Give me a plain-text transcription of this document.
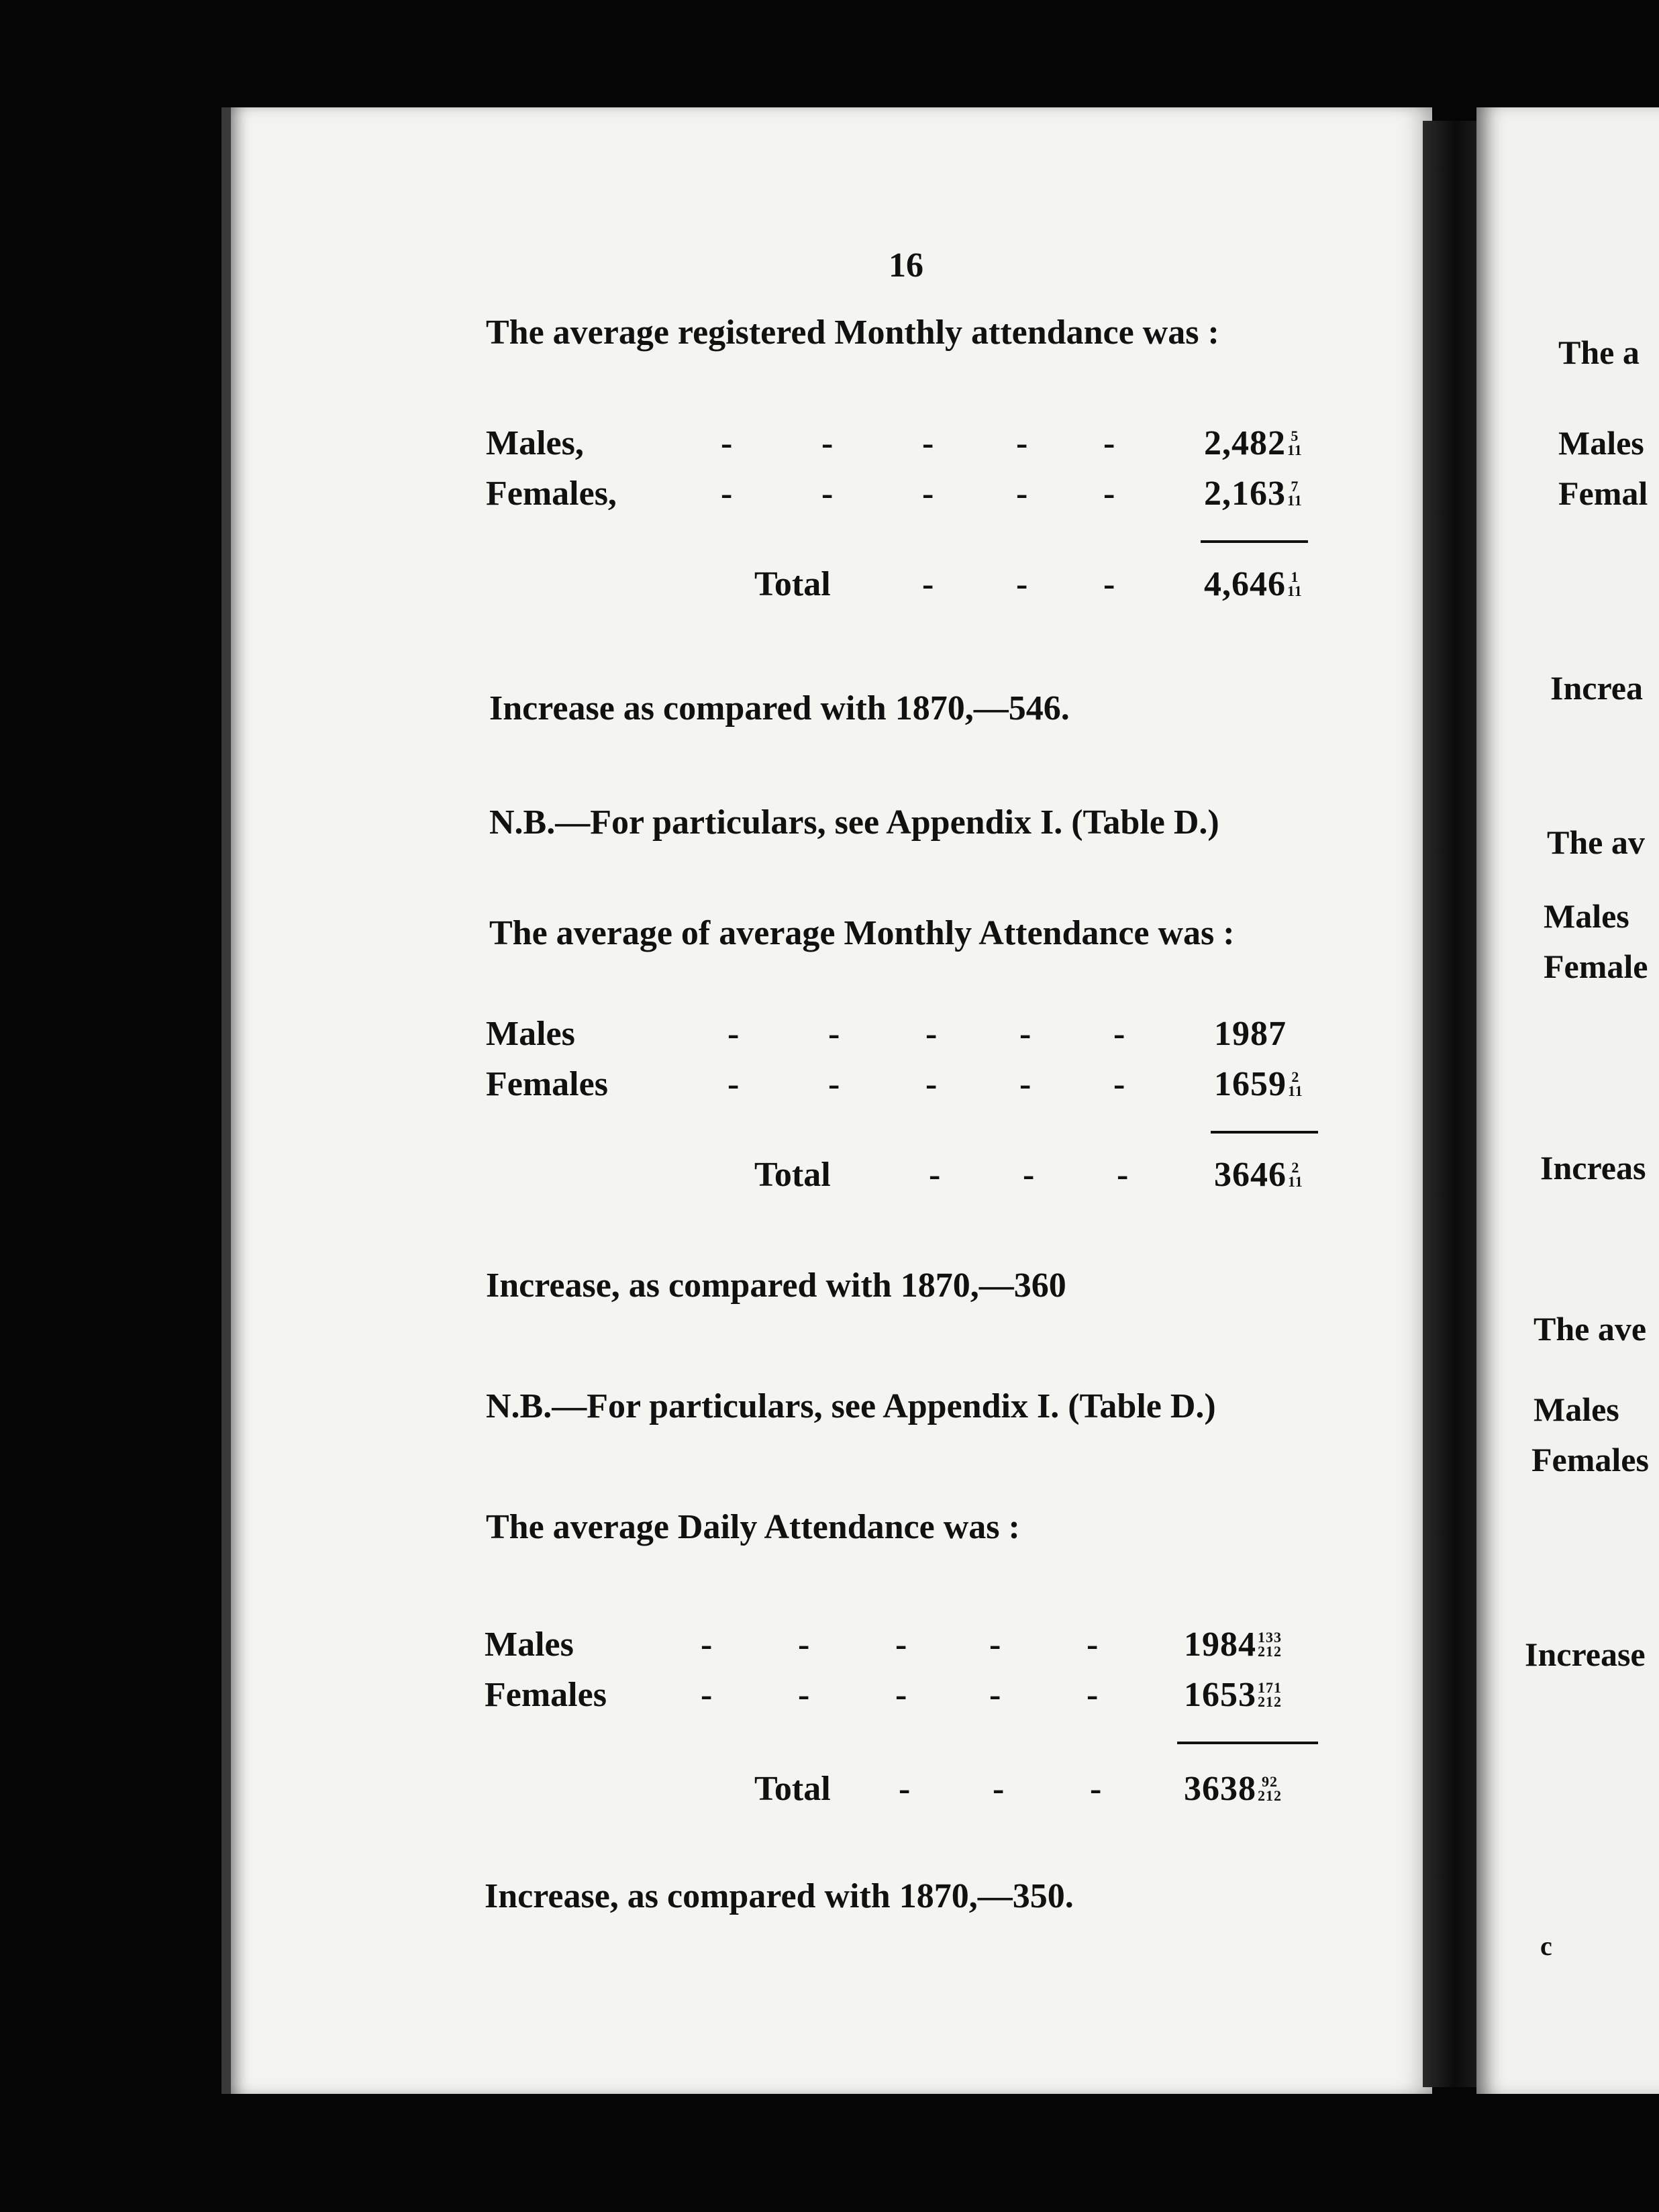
16
The average registered Monthly attendance was :
Males,	-	-	- - -	2,482 5
11
Females,	-	-	- - -	2,163 7
11
Total	- - -	4,646 1
11
Increase as compared with 1870,—546.
N.B.—For particulars, see Appendix I. (Table D.)
The average of average Monthly Attendance was :
Males	-	- - - -	1987
Females	-	- - - -	1659 2
11
Total	- - - 3646 2
11
Increase, as compared with 1870,—360
N.B.—For particulars, see Appendix I. (Table D.)
The average Daily Attendance was :
Males	- - - - - 1984 133
212
Females	- - - - - 1653 171
212
Total - - - 3638 92
212
Increase, as compared with 1870,—350.
The a
Males
Femal
Increa
The av
Males
Female
Increas
The ave
Males
Females
Increase
c
